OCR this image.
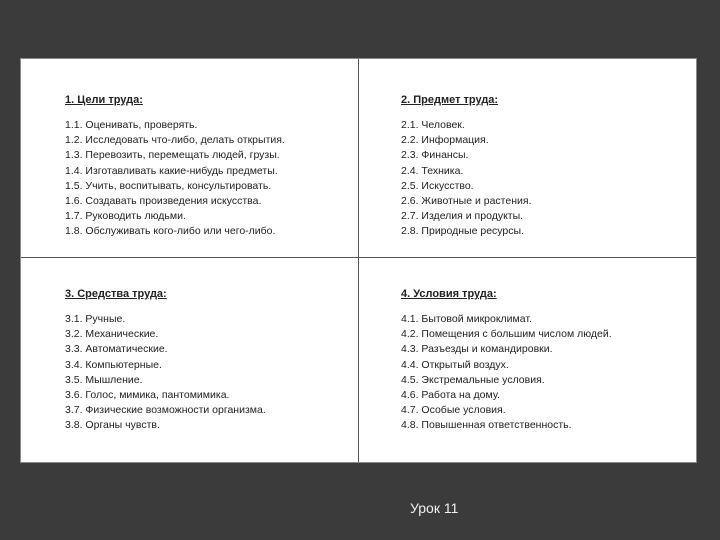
1. Цели труда:
1.1. Оценивать, проверять.
1.2. Исследовать что-либо, делать открытия.
1.3. Перевозить, перемещать людей, грузы.
1.4. Изготавливать какие-нибудь предметы.
1.5. Учить, воспитывать, консультировать.
1.6. Создавать произведения искусства.
1.7. Руководить людьми.
1.8. Обслуживать кого-либо или чего-либо.
2. Предмет труда:
2.1. Человек.
2.2. Информация.
2.3. Финансы.
2.4. Техника.
2.5. Искусство.
2.6. Животные и растения.
2.7. Изделия и продукты.
2.8. Природные ресурсы.
3. Средства труда:
3.1. Ручные.
3.2. Механические.
3.3. Автоматические.
3.4. Компьютерные.
3.5. Мышление.
3.6. Голос, мимика, пантомимика.
3.7. Физические возможности организма.
3.8. Органы чувств.
4. Условия труда:
4.1. Бытовой микроклимат.
4.2. Помещения с большим числом людей.
4.3. Разъезды и командировки.
4.4. Открытый воздух.
4.5. Экстремальные условия.
4.6. Работа на дому.
4.7. Особые условия.
4.8. Повышенная ответственность.
Урок 11
